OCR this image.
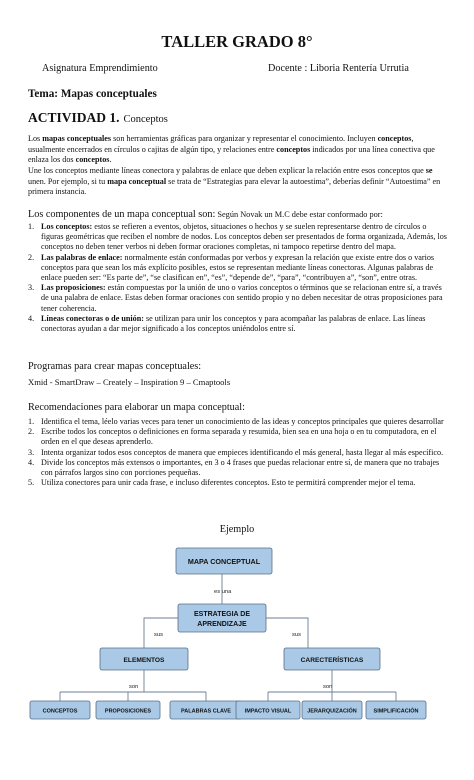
TALLER GRADO 8°
Asignatura Emprendimiento	Docente : Liboria Rentería Urrutia
Tema: Mapas conceptuales
ACTIVIDAD 1. Conceptos
Los mapas conceptuales son herramientas gráficas para organizar y representar el conocimiento. Incluyen conceptos, usualmente encerrados en círculos o cajitas de algún tipo, y relaciones entre conceptos indicados por una línea conectiva que enlaza los dos conceptos.
Une los conceptos mediante líneas conectora y palabras de enlace que deben explicar la relación entre esos conceptos que se unen. Por ejemplo, si tu mapa conceptual se trata de “Estrategias para elevar la autoestima”, deberías definir “Autoestima” en primera instancia.
Los componentes de un mapa conceptual son: Según Novak un M.C debe estar conformado por:
1. Los conceptos: estos se refieren a eventos, objetos, situaciones o hechos y se suelen representarse dentro de círculos o figuras geométricas que reciben el nombre de nodos. Los conceptos deben ser presentados de forma organizada, Además, los conceptos no deben tener verbos ni deben formar oraciones completas, ni tampoco repetirse dentro del mapa.
2. Las palabras de enlace: normalmente están conformadas por verbos y expresan la relación que existe entre dos o varios conceptos para que sean los más explícito posibles, estos se representan mediante líneas conectoras. Algunas palabras de enlace pueden ser: “Es parte de”, “se clasifican en”, “es”, “depende de”, “para”, “contribuyen a”, “son”, entre otras.
3. Las proposiciones: están compuestas por la unión de uno o varios conceptos o términos que se relacionan entre sí, a través de una palabra de enlace. Estas deben formar oraciones con sentido propio y no deben necesitar de otras proposiciones para tener coherencia.
4. Líneas conectoras o de unión: se utilizan para unir los conceptos y para acompañar las palabras de enlace. Las líneas conectoras ayudan a dar mejor significado a los conceptos uniéndolos entre sí.
Programas para crear mapas conceptuales:
Xmid - SmartDraw – Creately – Inspiration 9 – Cmaptools
Recomendaciones para elaborar un mapa conceptual:
1. Identifica el tema, léelo varias veces para tener un conocimiento de las ideas y conceptos principales que quieres desarrollar
2. Escribe todos los conceptos o definiciones en forma separada y resumida, bien sea en una hoja o en tu computadora, en el orden en el que deseas aprenderlo.
3. Intenta organizar todos esos conceptos de manera que empieces identificando el más general, hasta llegar al más específico.
4. Divide los conceptos más extensos o importantes, en 3 o 4 frases que puedas relacionar entre sí, de manera que no trabajes con párrafos largos sino con porciones pequeñas.
5. Utiliza conectores para unir cada frase, e incluso diferentes conceptos. Esto te permitirá comprender mejor el tema.
Ejemplo
es una
sus	sus
son	son
MAPA CONCEPTUAL
ESTRATEGIA DE
APRENDIZAJE
ELEMENTOS	CARECTERÍSTICAS
CONCEPTOS	PROPOSICIONES	PALABRAS CLAVE	IMPACTO VISUAL	JERARQUIZACIÓN	SIMPLIFICACIÓN
